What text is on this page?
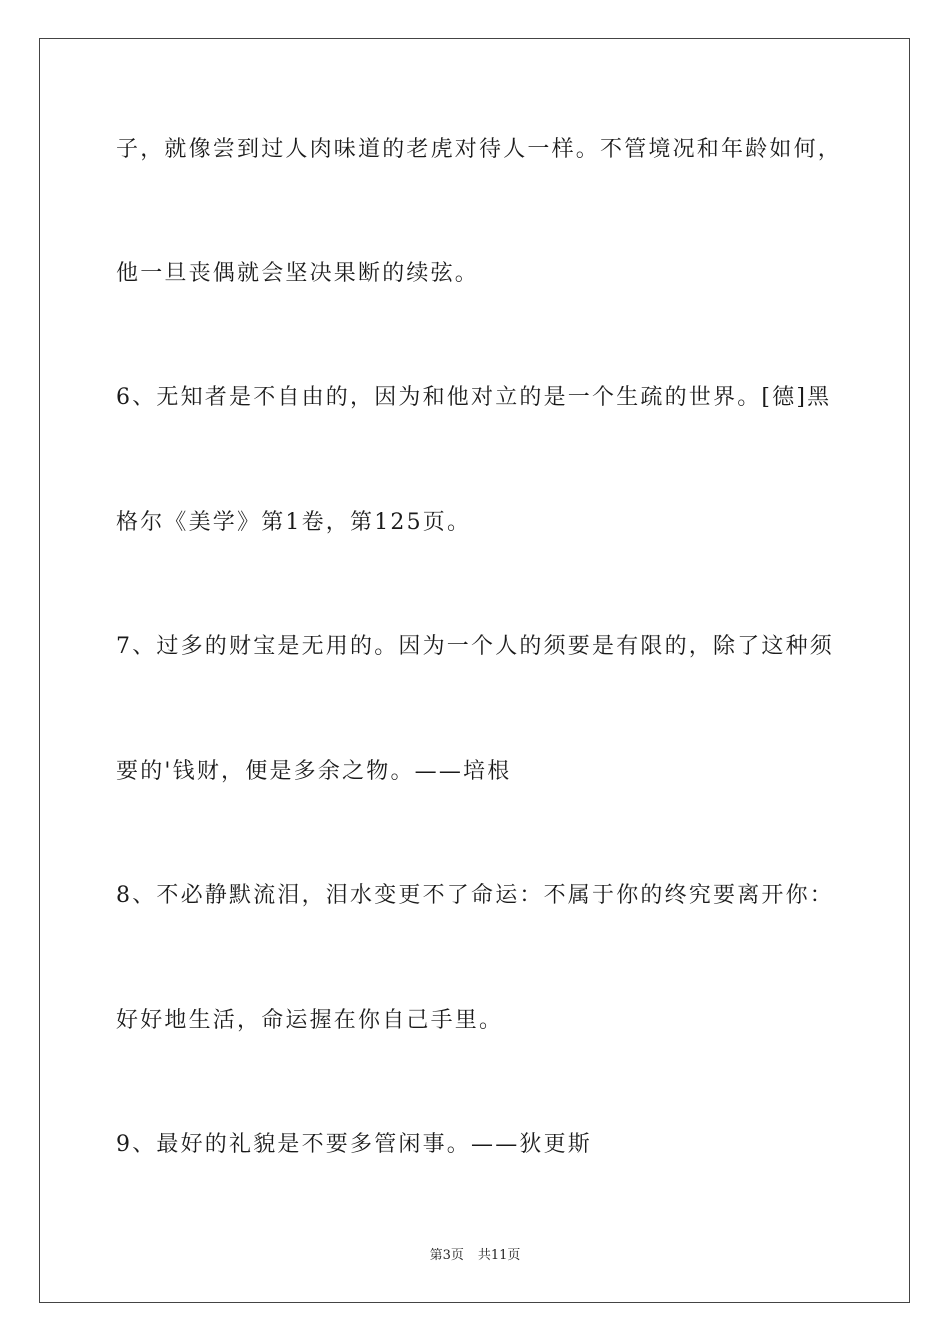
子，就像尝到过人肉味道的老虎对待人一样。不管境况和年龄如何，
他一旦丧偶就会坚决果断的续弦。
6、无知者是不自由的，因为和他对立的是一个生疏的世界。[德]黑
格尔《美学》第1卷，第125页。
7、过多的财宝是无用的。因为一个人的须要是有限的，除了这种须
要的'钱财，便是多余之物。——培根
8、不必静默流泪，泪水变更不了命运：不属于你的终究要离开你：
好好地生活，命运握在你自己手里。
9、最好的礼貌是不要多管闲事。——狄更斯
第3页 共11页
